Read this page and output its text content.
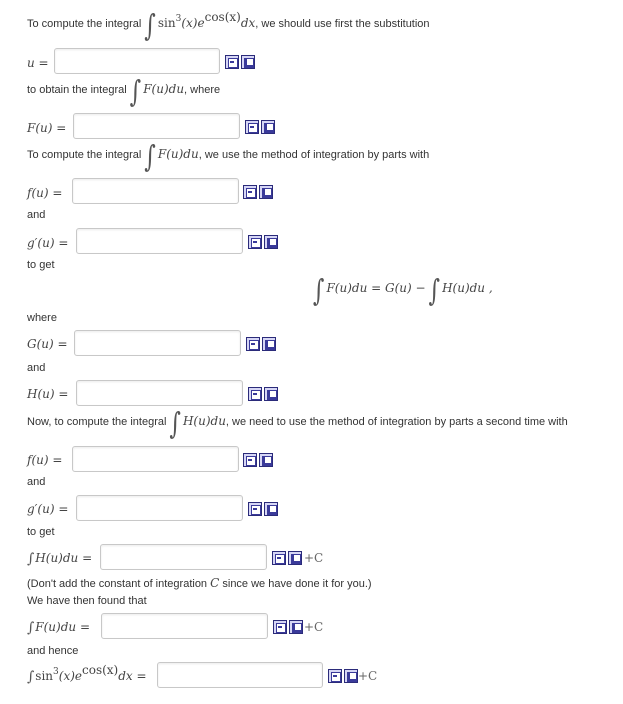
To compute the integral ∫ $\sin^3(x)e^{cos(x)}dx$, we should use first the substitution
u =
to obtain the integral ∫ F(u)du, where
F(u) =
To compute the integral ∫ F(u)du, we use the method of integration by parts with
f(u) =
and
g′(u) =
to get
∫ F(u)du = G(u) − ∫ H(u)du ,
where
G(u) =
and
H(u) =
Now, to compute the integral ∫ H(u)du, we need to use the method of integration by parts a second time with
f(u) =
and
g′(u) =
to get
∫H(u)du =	+C
(Don't add the constant of integration C since we have done it for you.)
We have then found that
∫F(u)du =	+C
and hence
$\int\sin^3(x)e^{cos(x)}dx$ =	+C
